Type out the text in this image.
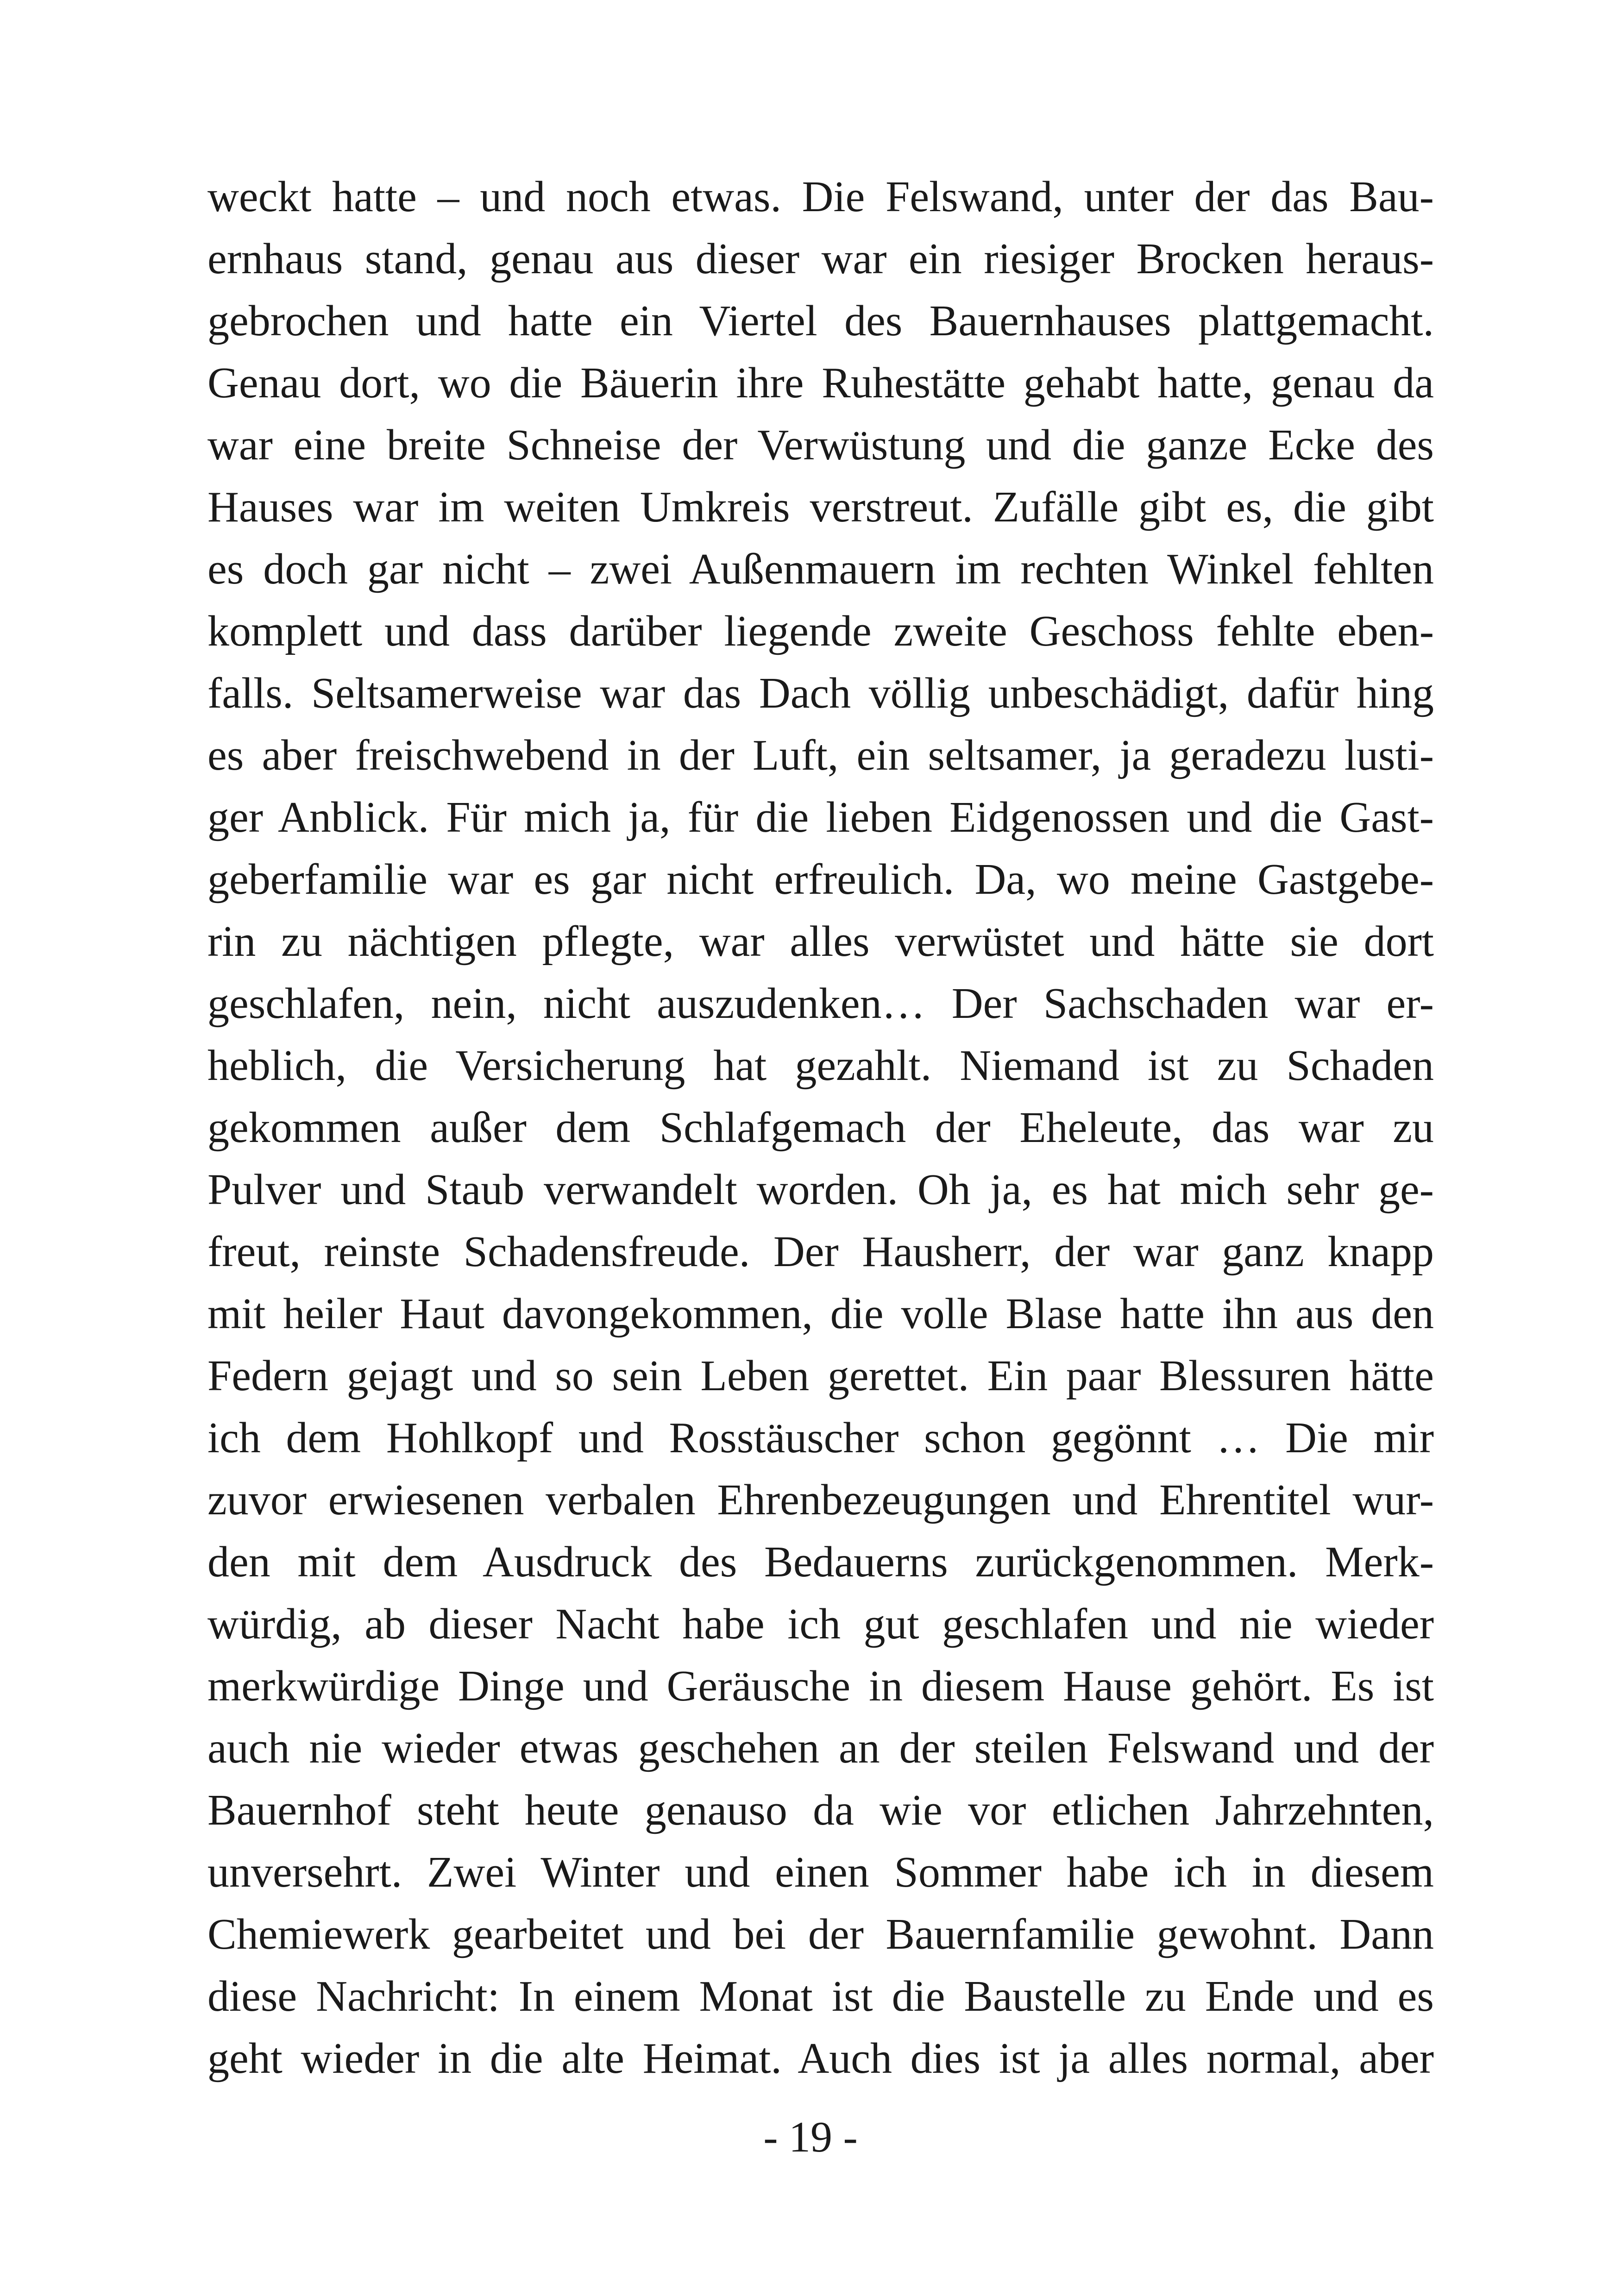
weckt hatte – und noch etwas. Die Felswand, unter der das Bau-
ernhaus stand, genau aus dieser war ein riesiger Brocken heraus-
gebrochen und hatte ein Viertel des Bauernhauses plattgemacht.
Genau dort, wo die Bäuerin ihre Ruhestätte gehabt hatte, genau da
war eine breite Schneise der Verwüstung und die ganze Ecke des
Hauses war im weiten Umkreis verstreut. Zufälle gibt es, die gibt
es doch gar nicht – zwei Außenmauern im rechten Winkel fehlten
komplett und dass darüber liegende zweite Geschoss fehlte eben-
falls. Seltsamerweise war das Dach völlig unbeschädigt, dafür hing
es aber freischwebend in der Luft, ein seltsamer, ja geradezu lusti-
ger Anblick. Für mich ja, für die lieben Eidgenossen und die Gast-
geberfamilie war es gar nicht erfreulich. Da, wo meine Gastgebe-
rin zu nächtigen pflegte, war alles verwüstet und hätte sie dort
geschlafen, nein, nicht auszudenken… Der Sachschaden war er-
heblich, die Versicherung hat gezahlt. Niemand ist zu Schaden
gekommen außer dem Schlafgemach der Eheleute, das war zu
Pulver und Staub verwandelt worden. Oh ja, es hat mich sehr ge-
freut, reinste Schadensfreude. Der Hausherr, der war ganz knapp
mit heiler Haut davongekommen, die volle Blase hatte ihn aus den
Federn gejagt und so sein Leben gerettet. Ein paar Blessuren hätte
ich dem Hohlkopf und Rosstäuscher schon gegönnt … Die mir
zuvor erwiesenen verbalen Ehrenbezeugungen und Ehrentitel wur-
den mit dem Ausdruck des Bedauerns zurückgenommen. Merk-
würdig, ab dieser Nacht habe ich gut geschlafen und nie wieder
merkwürdige Dinge und Geräusche in diesem Hause gehört. Es ist
auch nie wieder etwas geschehen an der steilen Felswand und der
Bauernhof steht heute genauso da wie vor etlichen Jahrzehnten,
unversehrt. Zwei Winter und einen Sommer habe ich in diesem
Chemiewerk gearbeitet und bei der Bauernfamilie gewohnt. Dann
diese Nachricht: In einem Monat ist die Baustelle zu Ende und es
geht wieder in die alte Heimat. Auch dies ist ja alles normal, aber
- 19 -
